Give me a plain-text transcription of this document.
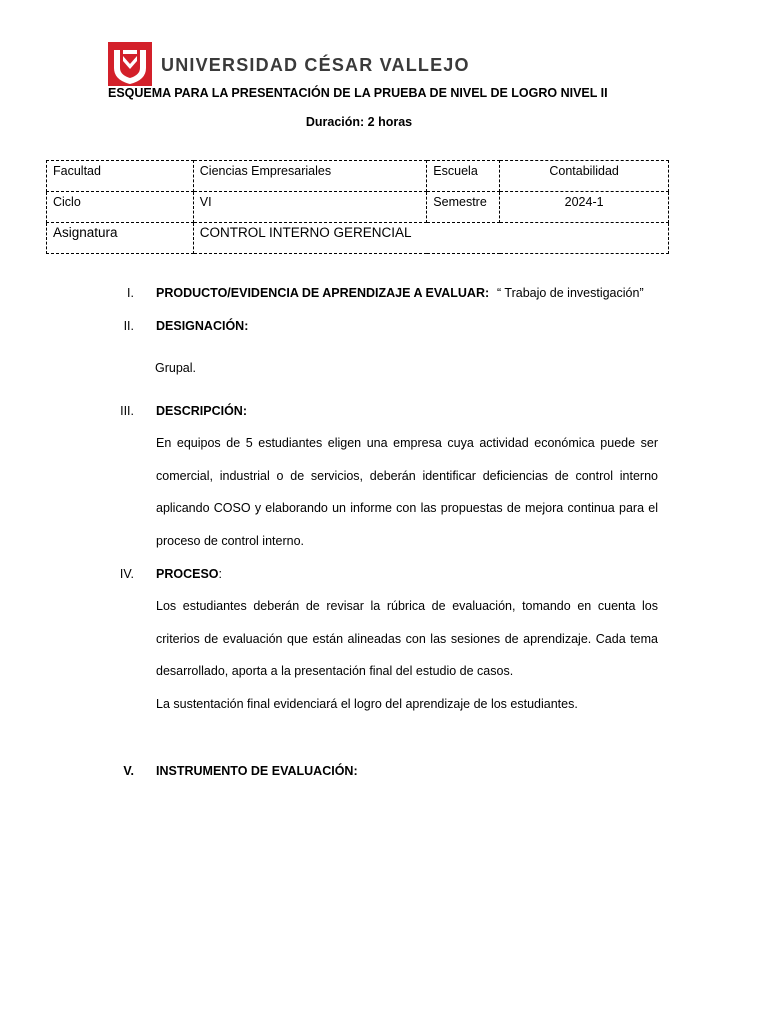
UNIVERSIDAD CÉSAR VALLEJO
ESQUEMA PARA LA PRESENTACIÓN DE LA PRUEBA DE NIVEL DE LOGRO NIVEL II
Duración: 2 horas
Facultad	Ciencias Empresariales	Escuela	Contabilidad
Ciclo	VI	Semestre	2024-1
Asignatura	CONTROL INTERNO GERENCIAL		
I. PRODUCTO/EVIDENCIA DE APRENDIZAJE A EVALUAR: “ Trabajo de investigación”
II. DESIGNACIÓN:
Grupal.
III. DESCRIPCIÓN:
En equipos de 5 estudiantes eligen una empresa cuya actividad económica puede ser comercial, industrial o de servicios, deberán identificar deficiencias de control interno aplicando COSO y elaborando un informe con las propuestas de mejora continua para el proceso de control interno.
IV. PROCESO:
Los estudiantes deberán de revisar la rúbrica de evaluación, tomando en cuenta los criterios de evaluación que están alineadas con las sesiones de aprendizaje. Cada tema desarrollado, aporta a la presentación final del estudio de casos.
La sustentación final evidenciará el logro del aprendizaje de los estudiantes.
V. INSTRUMENTO DE EVALUACIÓN:
